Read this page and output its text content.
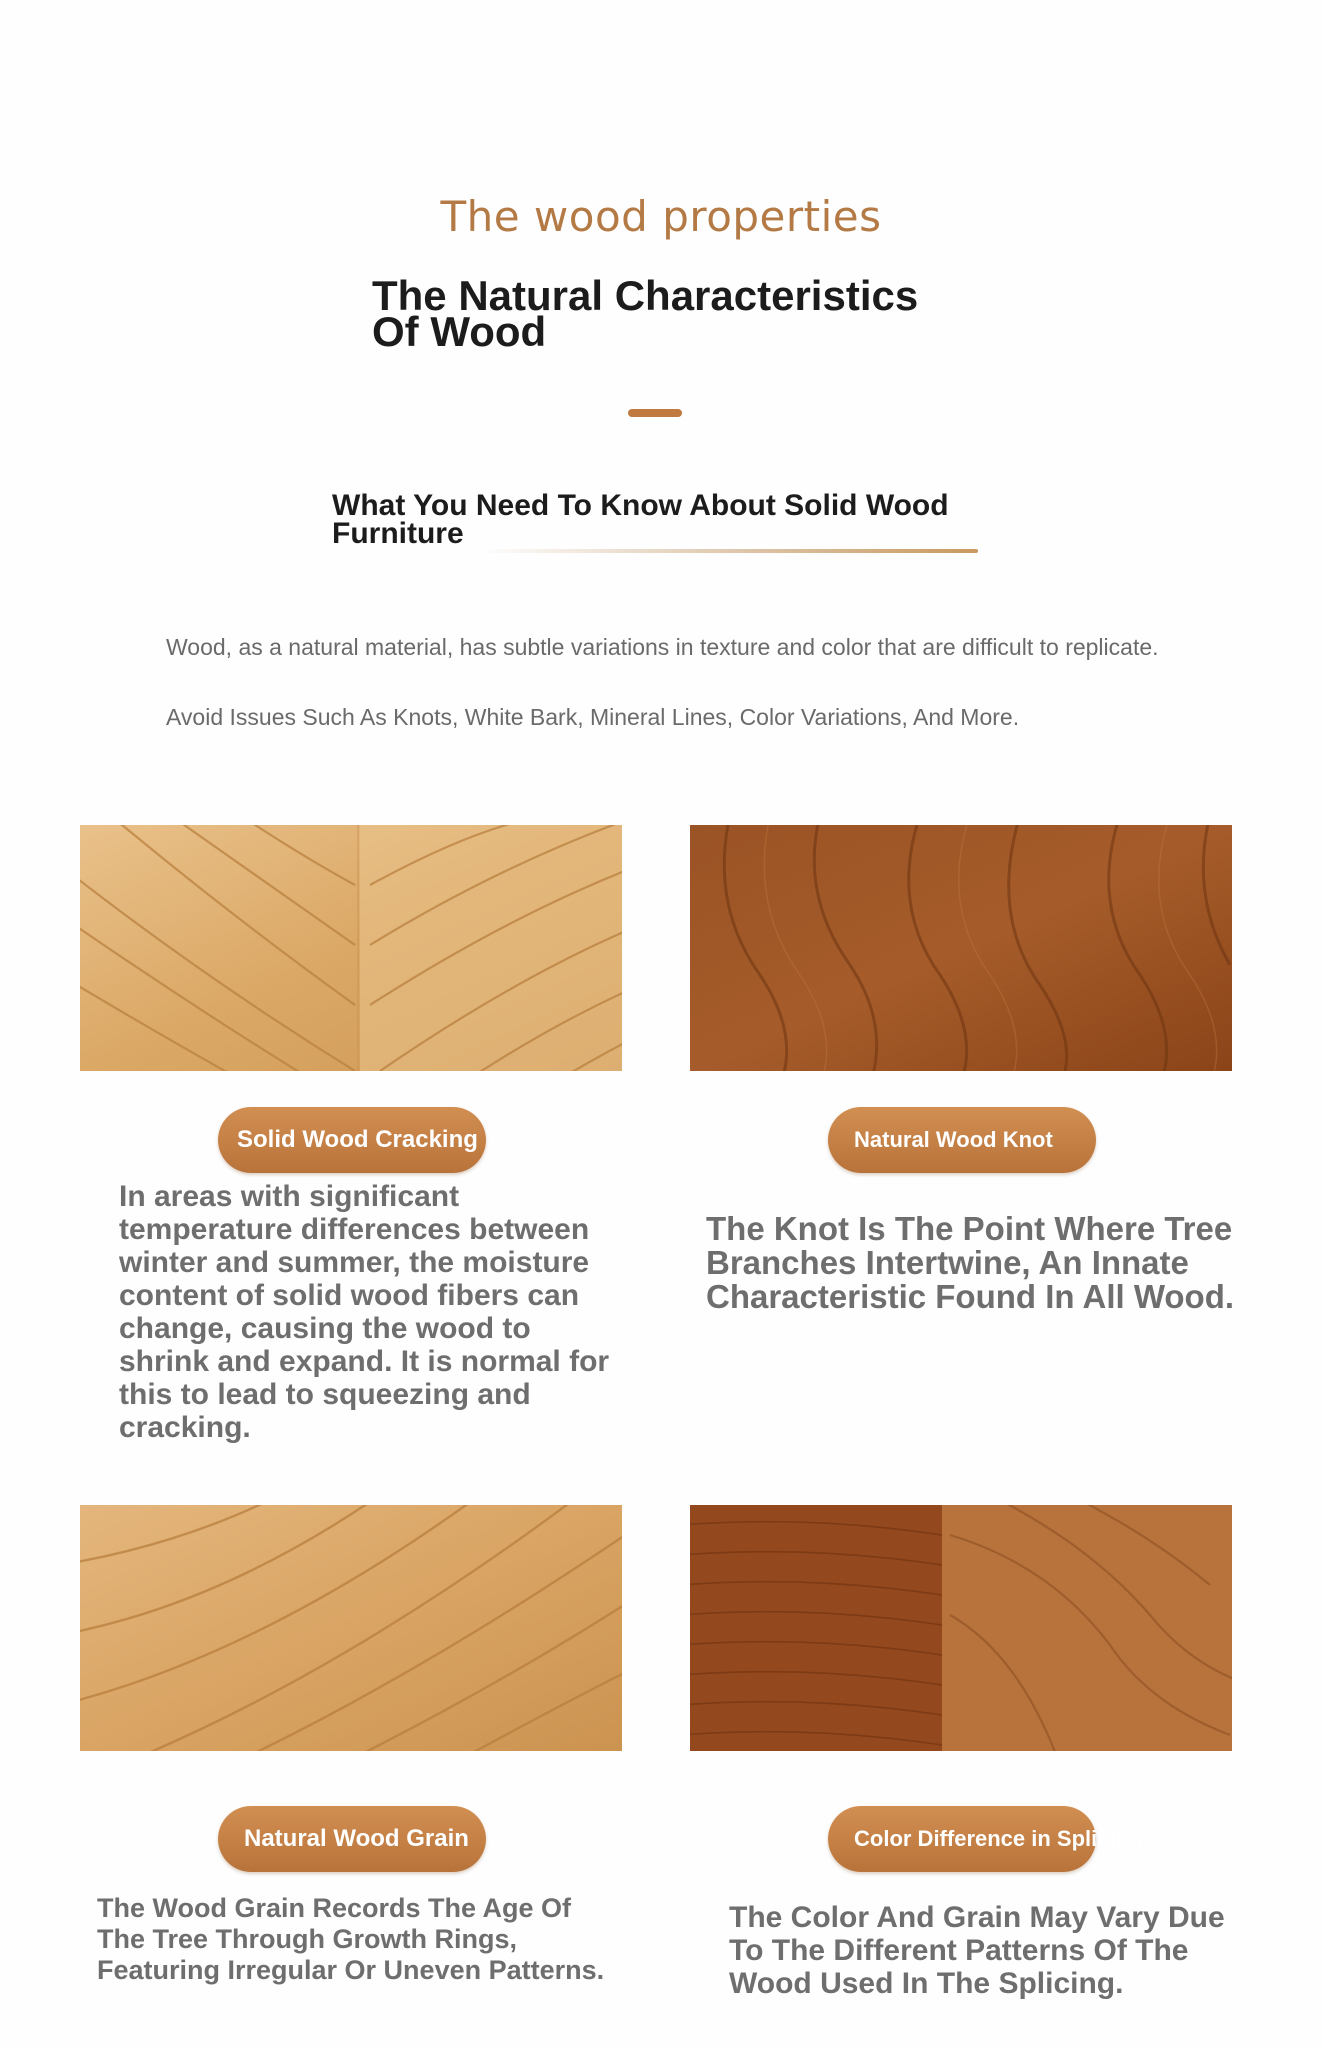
The wood properties
The Natural Characteristics Of Wood
What You Need To Know About Solid Wood Furniture
Wood, as a natural material, has subtle variations in texture and color that are difficult to replicate.
Avoid Issues Such As Knots, White Bark, Mineral Lines, Color Variations, And More.
Solid Wood Cracking
In areas with significant temperature differences between winter and summer, the moisture content of solid wood fibers can change, causing the wood to shrink and expand. It is normal for this to lead to squeezing and cracking.
Natural Wood Knot
The Knot Is The Point Where Tree Branches Intertwine, An Innate Characteristic Found In All Wood.
Natural Wood Grain
The Wood Grain Records The Age Of The Tree Through Growth Rings, Featuring Irregular Or Uneven Patterns.
Color Difference in Splicing
The Color And Grain May Vary Due To The Different Patterns Of The Wood Used In The Splicing.
